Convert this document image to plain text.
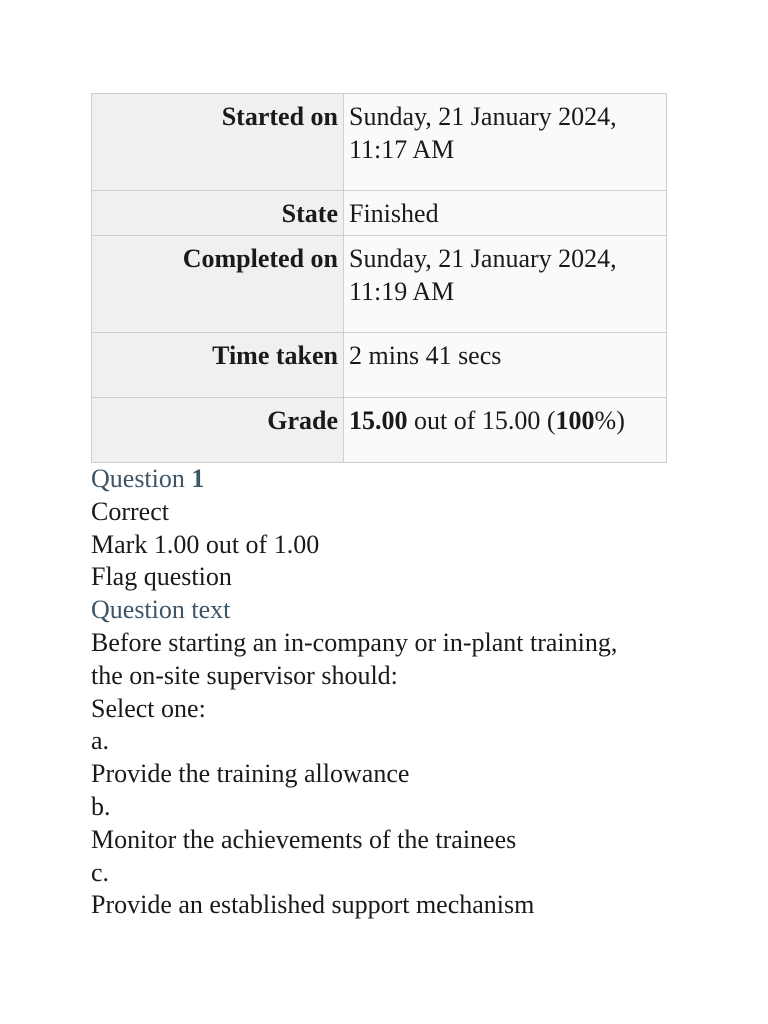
Started on	Sunday, 21 January 2024,
11:17 AM
State	Finished
Completed on	Sunday, 21 January 2024,
11:19 AM
Time taken	2 mins 41 secs
Grade	15.00 out of 15.00 (100%)
Question 1
Correct
Mark 1.00 out of 1.00
Flag question
Question text
Before starting an in-company or in-plant training,
the on-site supervisor should:
Select one:
a.
Provide the training allowance
b.
Monitor the achievements of the trainees
c.
Provide an established support mechanism
